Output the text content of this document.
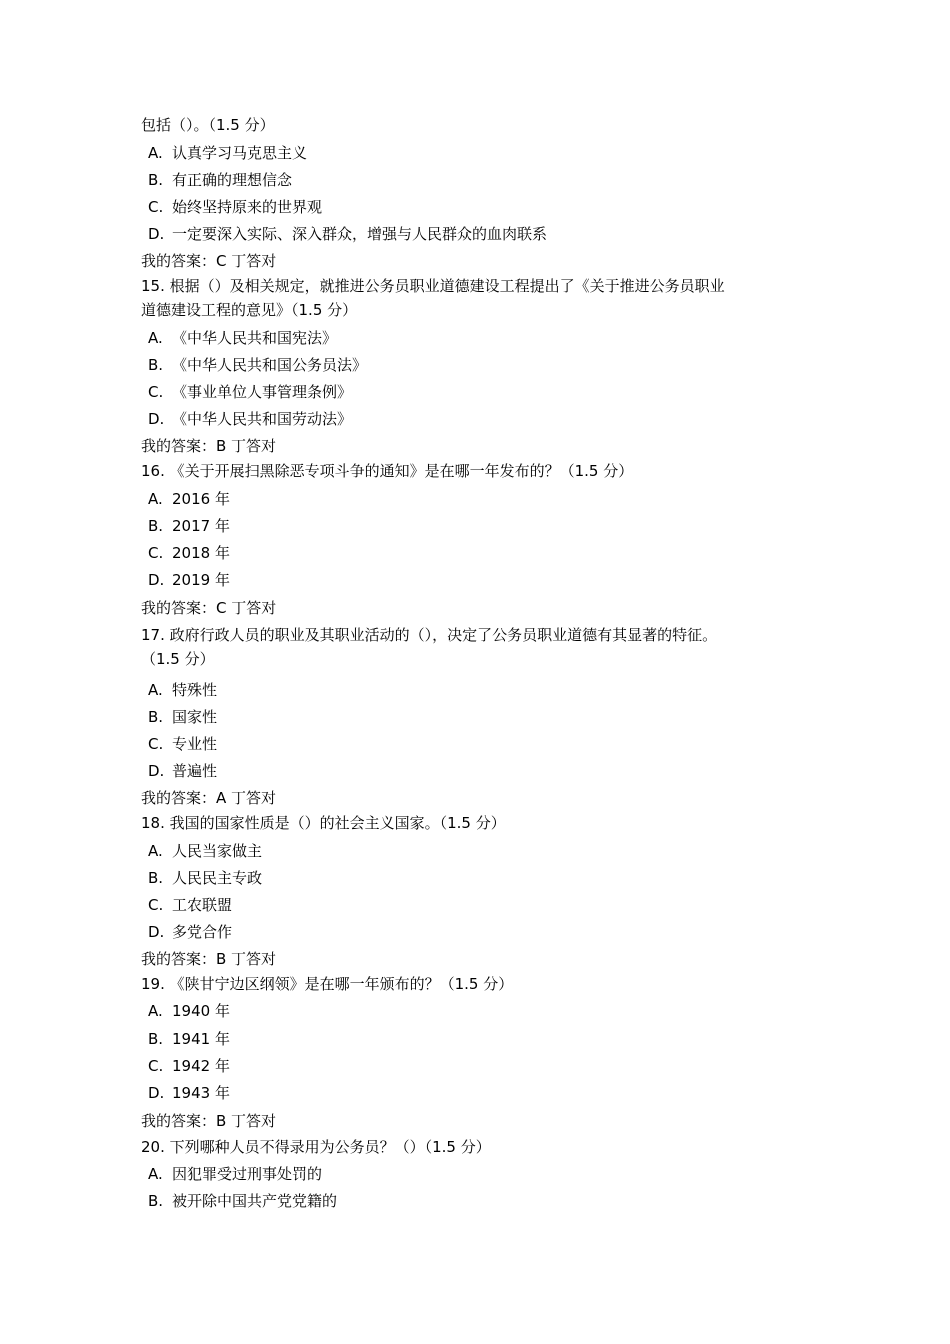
包括（）。（1.5 分）
A. 认真学习马克思主义
B. 有正确的理想信念
C. 始终坚持原来的世界观
D. 一定要深入实际、深入群众，增强与人民群众的血肉联系
我的答案：C 丁答对
15. 根据（）及相关规定，就推进公务员职业道德建设工程提出了《关于推进公务员职业
道德建设工程的意见》（1.5 分）
A. 《中华人民共和国宪法》
B. 《中华人民共和国公务员法》
C. 《事业单位人事管理条例》
D. 《中华人民共和国劳动法》
我的答案：B 丁答对
16. 《关于开展扫黑除恶专项斗争的通知》是在哪一年发布的？（1.5 分）
A. 2016 年
B. 2017 年
C. 2018 年
D. 2019 年
我的答案：C 丁答对
17. 政府行政人员的职业及其职业活动的（），决定了公务员职业道德有其显著的特征。
（1.5 分）
A. 特殊性
B. 国家性
C. 专业性
D. 普遍性
我的答案：A 丁答对
18. 我国的国家性质是（）的社会主义国家。（1.5 分）
A. 人民当家做主
B. 人民民主专政
C. 工农联盟
D. 多党合作
我的答案：B 丁答对
19. 《陕甘宁边区纲领》是在哪一年颁布的？（1.5 分）
A. 1940 年
B. 1941 年
C. 1942 年
D. 1943 年
我的答案：B 丁答对
20. 下列哪种人员不得录用为公务员？（）（1.5 分）
A. 因犯罪受过刑事处罚的
B. 被开除中国共产党党籍的
